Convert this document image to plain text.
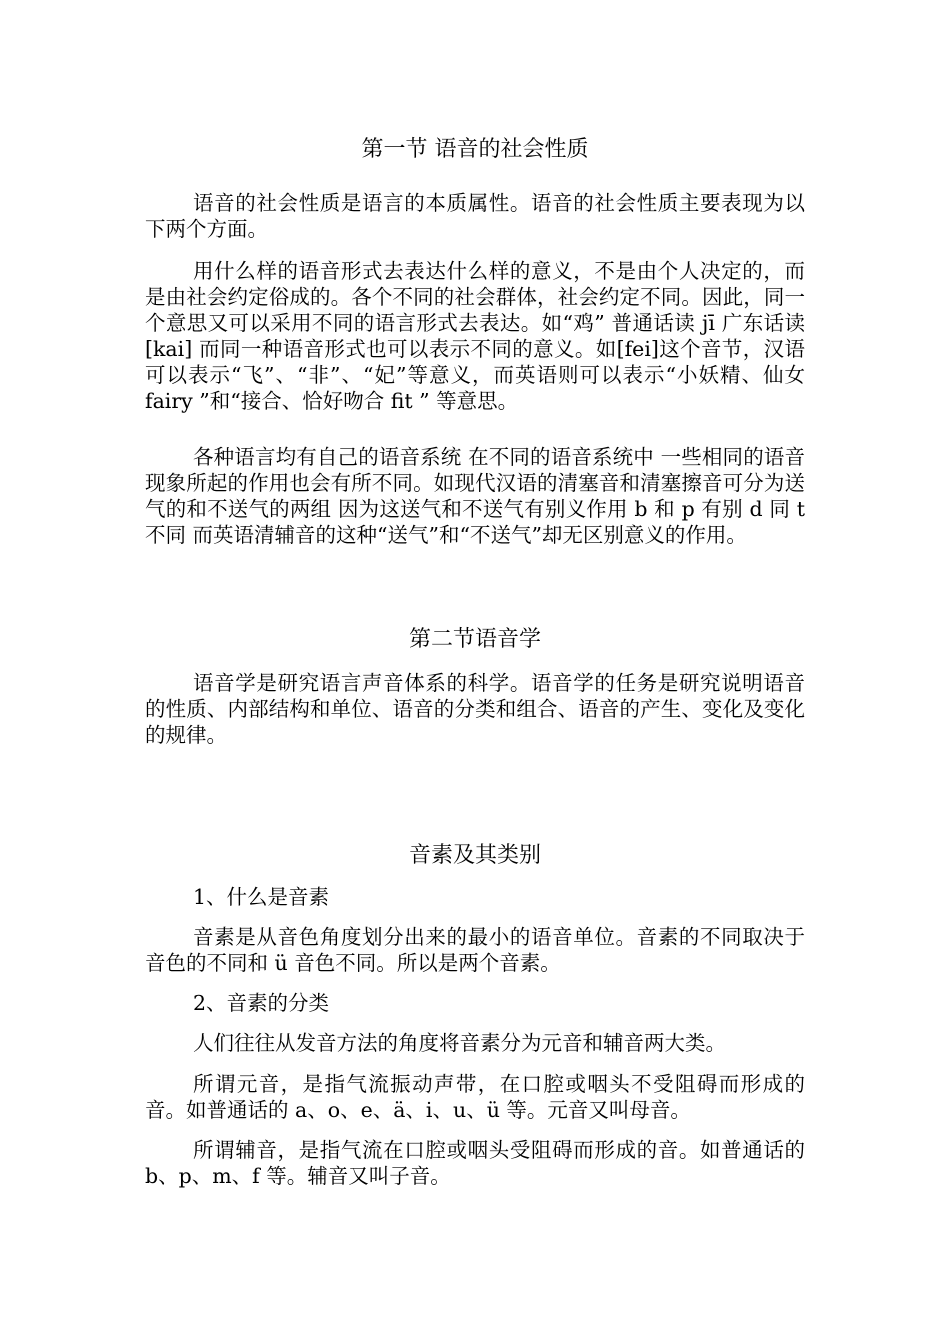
第一节 语音的社会性质

语音的社会性质是语言的本质属性。语音的社会性质主要表现为以下两个方面。

用什么样的语音形式去表达什么样的意义，不是由个人决定的，而是由社会约定俗成的。各个不同的社会群体，社会约定不同。因此，同一个意思又可以采用不同的语言形式去表达。如“鸡” 普通话读 jī 广东话读[kai] 而同一种语音形式也可以表示不同的意义。如[fei]这个音节，汉语可以表示“飞”、“非”、“妃”等意义，而英语则可以表示“小妖精、仙女fairy ”和“接合、恰好吻合 fit ” 等意思。

各种语言均有自己的语音系统 在不同的语音系统中 一些相同的语音现象所起的作用也会有所不同。如现代汉语的清塞音和清塞擦音可分为送气的和不送气的两组 因为这送气和不送气有别义作用 b 和 p 有别 d 同 t 不同 而英语清辅音的这种“送气”和“不送气”却无区别意义的作用。

第二节语音学

语音学是研究语言声音体系的科学。语音学的任务是研究说明语音的性质、内部结构和单位、语音的分类和组合、语音的产生、变化及变化的规律。

音素及其类别

1、什么是音素

音素是从音色角度划分出来的最小的语音单位。音素的不同取决于音色的不同和 ü 音色不同。所以是两个音素。

2、音素的分类

人们往往从发音方法的角度将音素分为元音和辅音两大类。

所谓元音，是指气流振动声带，在口腔或咽头不受阻碍而形成的音。如普通话的 a、o、e、ä、i、u、ü 等。元音又叫母音。

所谓辅音，是指气流在口腔或咽头受阻碍而形成的音。如普通话的 b、p、m、f 等。辅音又叫子音。
